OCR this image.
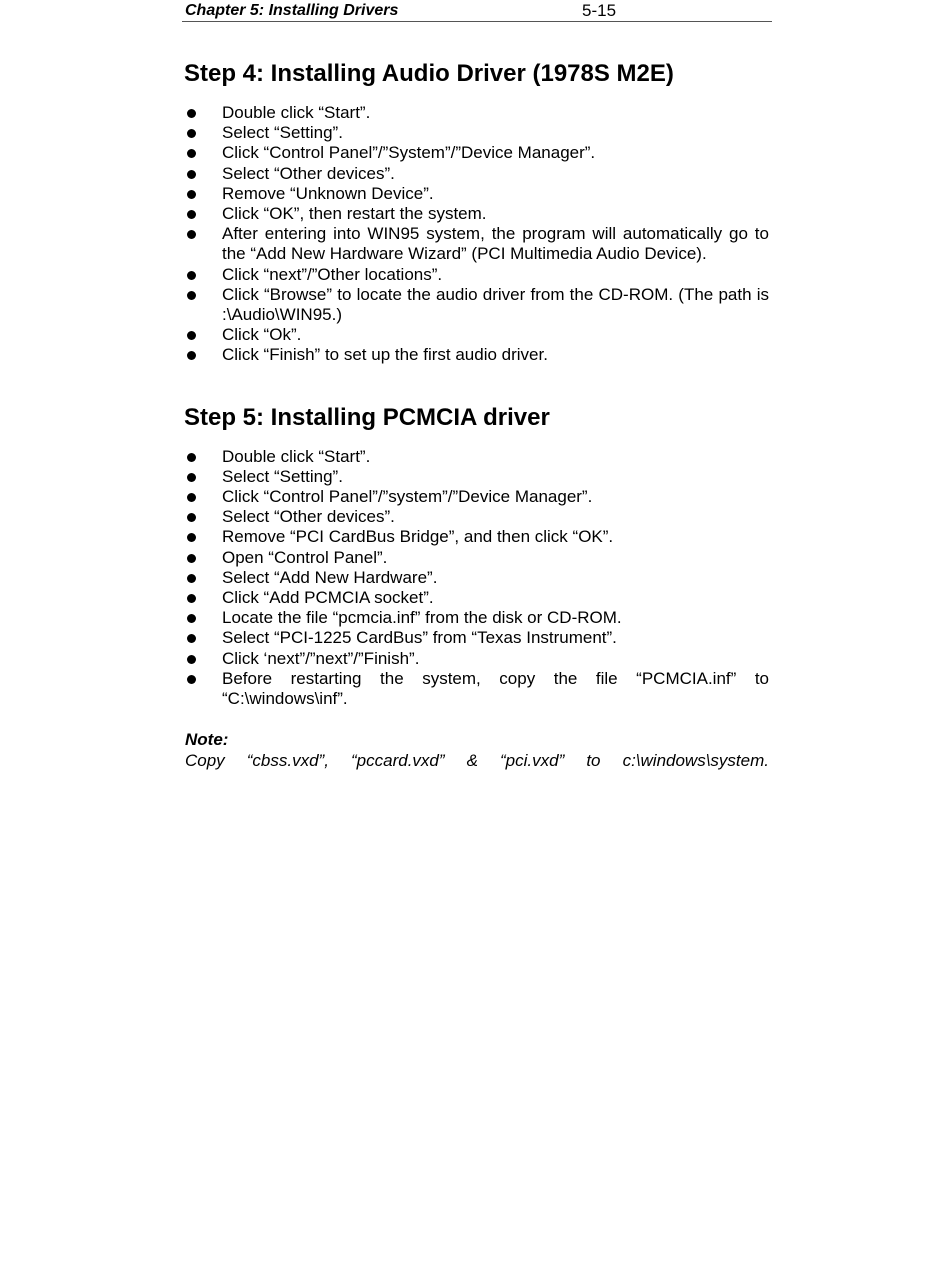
Chapter 5: Installing Drivers	5-15
Step 4: Installing Audio Driver (1978S M2E)
Double click “Start”.
Select “Setting”.
Click “Control Panel”/”System”/”Device Manager”.
Select “Other devices”.
Remove “Unknown Device”.
Click “OK”, then restart the system.
After entering into WIN95 system, the program will automatically go to the “Add New Hardware Wizard” (PCI Multimedia Audio Device).
Click “next”/”Other locations”.
Click “Browse” to locate the audio driver from the CD-ROM. (The path is :\Audio\WIN95.)
Click “Ok”.
Click “Finish” to set up the first audio driver.
Step 5: Installing PCMCIA driver
Double click “Start”.
Select “Setting”.
Click “Control Panel”/”system”/”Device Manager”.
Select “Other devices”.
Remove “PCI CardBus Bridge”, and then click “OK”.
Open “Control Panel”.
Select “Add New Hardware”.
Click “Add PCMCIA socket”.
Locate the file “pcmcia.inf” from the disk or CD-ROM.
Select “PCI-1225 CardBus” from “Texas Instrument”.
Click ‘next”/”next”/”Finish”.
Before restarting the system, copy the file “PCMCIA.inf” to “C:\windows\inf”.
Note:
Copy “cbss.vxd”, “pccard.vxd” & “pci.vxd” to c:\windows\system.
